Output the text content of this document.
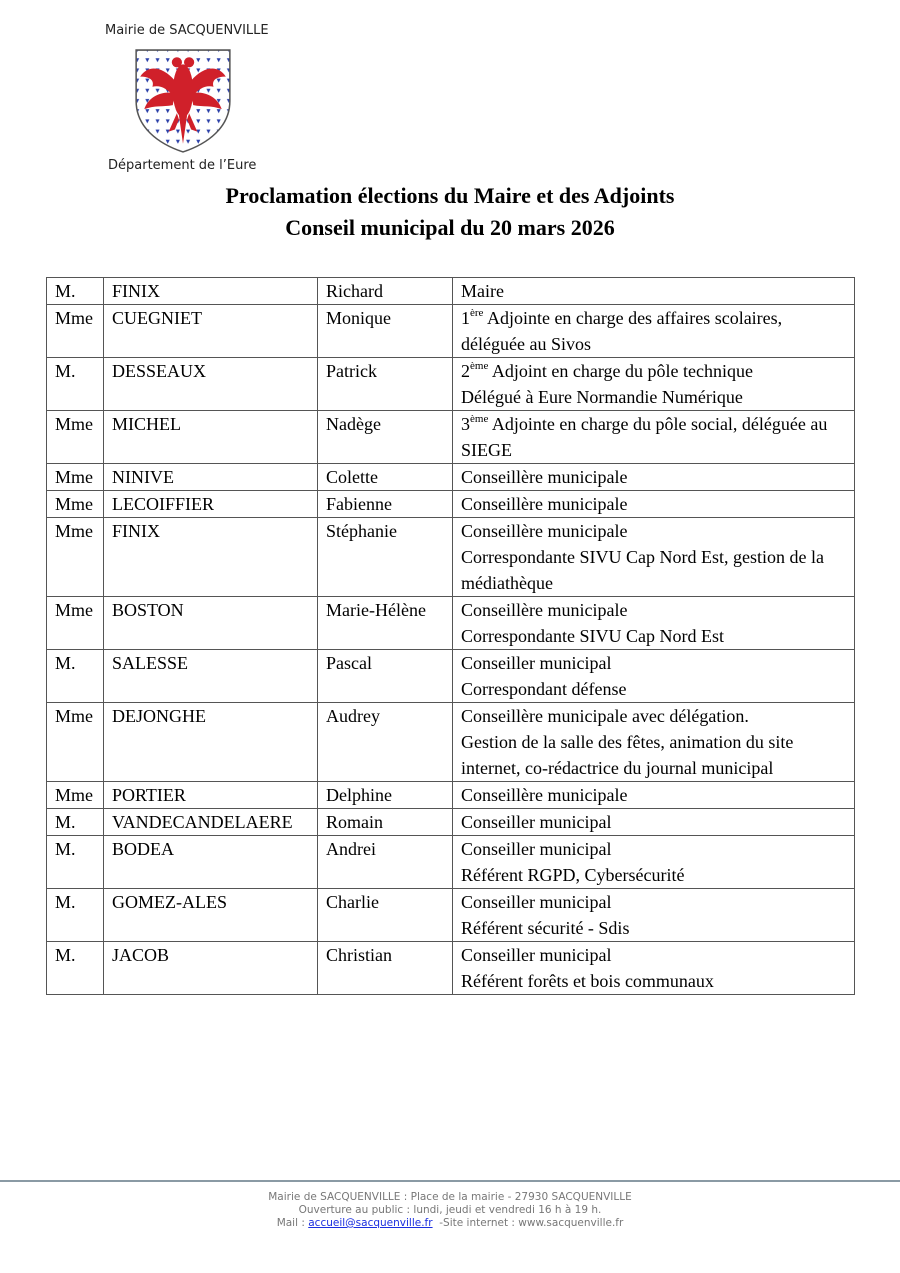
Mairie de SACQUENVILLE
Département de l’Eure
Proclamation élections du Maire et des Adjoints
Conseil municipal du 20 mars 2026
M.	FINIX	Richard	Maire
Mme	CUEGNIET	Monique	1ère Adjointe en charge des affaires scolaires, déléguée au Sivos
M.	DESSEAUX	Patrick	2ème Adjoint en charge du pôle technique
Délégué à Eure Normandie Numérique
Mme	MICHEL	Nadège	3ème Adjointe en charge du pôle social, déléguée au SIEGE
Mme	NINIVE	Colette	Conseillère municipale
Mme	LECOIFFIER	Fabienne	Conseillère municipale
Mme	FINIX	Stéphanie	Conseillère municipale
Correspondante SIVU Cap Nord Est, gestion de la médiathèque
Mme	BOSTON	Marie-Hélène	Conseillère municipale
Correspondante SIVU Cap Nord Est
M.	SALESSE	Pascal	Conseiller municipal
Correspondant défense
Mme	DEJONGHE	Audrey	Conseillère municipale avec délégation.
Gestion de la salle des fêtes, animation du site internet, co-rédactrice du journal municipal
Mme	PORTIER	Delphine	Conseillère municipale
M.	VANDECANDELAERE	Romain	Conseiller municipal
M.	BODEA	Andrei	Conseiller municipal
Référent RGPD, Cybersécurité
M.	GOMEZ-ALES	Charlie	Conseiller municipal
Référent sécurité - Sdis
M.	JACOB	Christian	Conseiller municipal
Référent forêts et bois communaux
Mairie de SACQUENVILLE : Place de la mairie - 27930 SACQUENVILLE
Ouverture au public : lundi, jeudi et vendredi 16 h à 19 h.
Mail : accueil@sacquenville.fr -Site internet : www.sacquenville.fr
